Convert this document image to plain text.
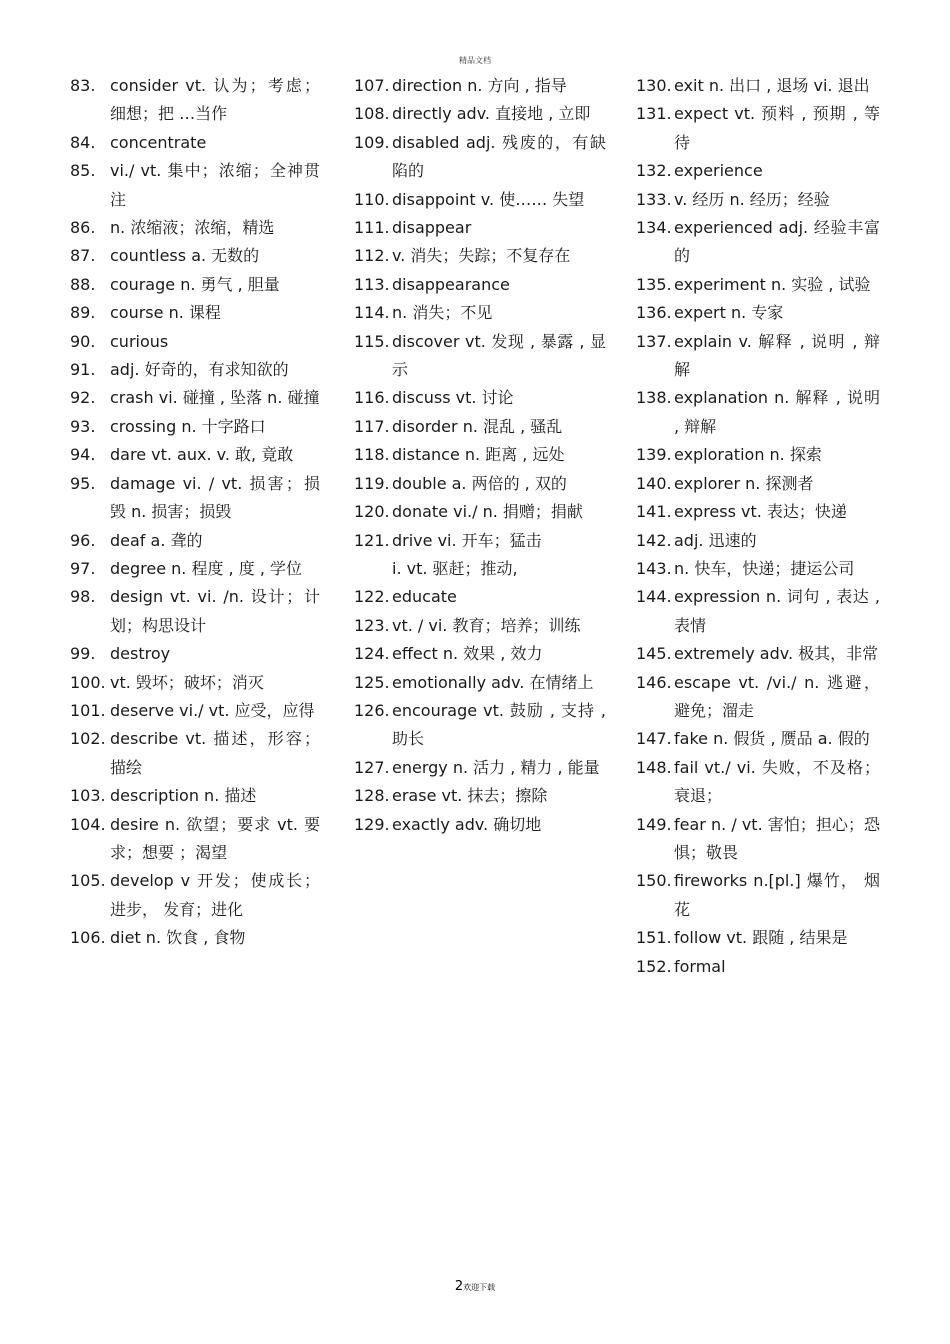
精品文档
83. consider vt. 认为；考虑；细想；把 …当作
84. concentrate
85. vi./ vt. 集中；浓缩；全神贯注
86. n. 浓缩液；浓缩，精选
87. countless a. 无数的
88. courage n. 勇气 , 胆量
89. course n. 课程
90. curious
91. adj. 好奇的，有求知欲的
92. crash vi. 碰撞 , 坠落 n. 碰撞
93. crossing n. 十字路口
94. dare vt. aux. v. 敢, 竟敢
95. damage vi. / vt. 损害；损毁 n. 损害；损毁
96. deaf a. 聋的
97. degree n. 程度 , 度 , 学位
98. design vt. vi. /n. 设计；计划；构思设计
99. destroy
100. vt. 毁坏；破坏；消灭
101. deserve vi./ vt. 应受，应得
102. describe vt. 描述，形容；描绘
103. description n. 描述
104. desire n. 欲望；要求 vt. 要求；想要 ；渴望
105. develop v 开发；使成长； 进步， 发育；进化
106. diet n. 饮食 , 食物
107. direction n. 方向 , 指导
108. directly adv. 直接地 , 立即
109. disabled adj. 残废的，有缺陷的
110. disappoint v. 使…… 失望
111. disappear
112. v. 消失；失踪；不复存在
113. disappearance
114. n. 消失；不见
115. discover vt. 发现 , 暴露 , 显示
116. discuss vt. 讨论
117. disorder n. 混乱 , 骚乱
118. distance n. 距离 , 远处
119. double a. 两倍的 , 双的
120. donate vi./ n. 捐赠；捐献
121. drive vi. 开车；猛击
i. vt. 驱赶；推动,
122. educate
123. vt. / vi. 教育；培养；训练
124. effect n. 效果 , 效力
125. emotionally adv. 在情绪上
126. encourage vt. 鼓励 , 支持 , 助长
127. energy n. 活力 , 精力 , 能量
128. erase vt. 抹去；擦除
129. exactly adv. 确切地
130. exit n. 出口 , 退场 vi. 退出
131. expect vt. 预料 , 预期 , 等待
132. experience
133. v. 经历 n. 经历；经验
134. experienced adj. 经验丰富的
135. experiment n. 实验 , 试验
136. expert n. 专家
137. explain v. 解释 , 说明 , 辩解
138. explanation n. 解释 , 说明 , 辩解
139. exploration n. 探索
140. explorer n. 探测者
141. express vt. 表达；快递
142. adj. 迅速的
143. n. 快车，快递；捷运公司
144. expression n. 词句 , 表达 , 表情
145. extremely adv. 极其，非常
146. escape vt. /vi./ n. 逃避，避免；溜走
147. fake n. 假货 , 赝品 a. 假的
148. fail vt./ vi. 失败，不及格；衰退；
149. fear n. / vt. 害怕；担心；恐惧；敬畏
150. fireworks n.[pl.] 爆竹， 烟花
151. follow vt. 跟随 , 结果是
152. formal
2欢迎下载
